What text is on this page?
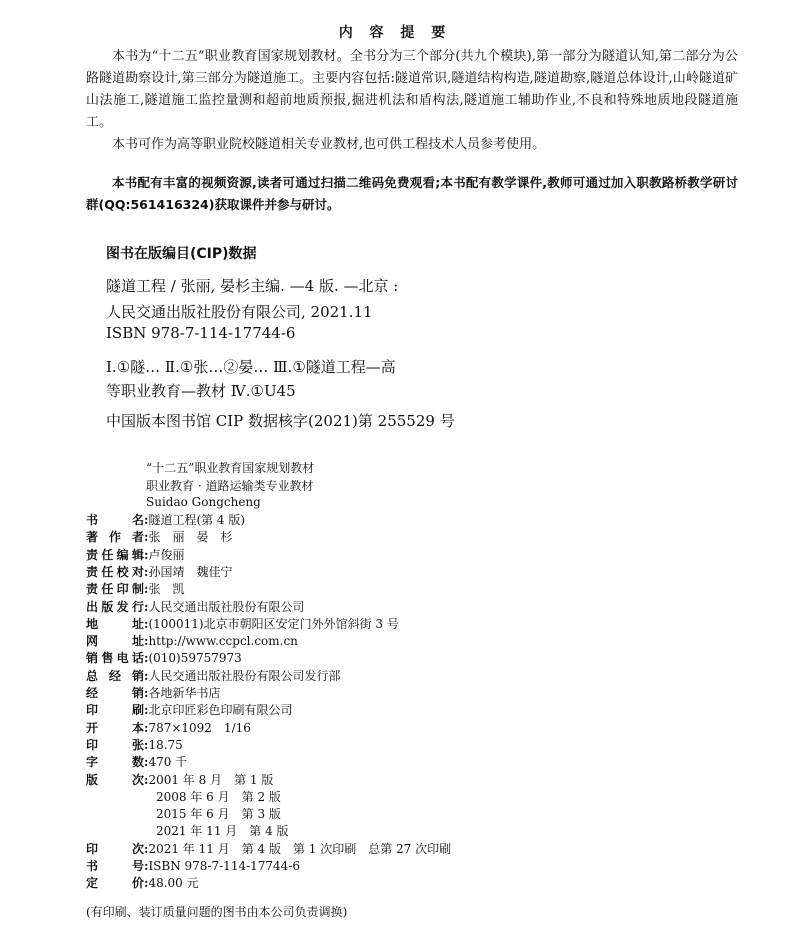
内 容 提 要
本书为“十二五”职业教育国家规划教材。全书分为三个部分(共九个模块),第一部分为隧道认知,第二部分为公路隧道勘察设计,第三部分为隧道施工。主要内容包括:隧道常识,隧道结构构造,隧道勘察,隧道总体设计,山岭隧道矿山法施工,隧道施工监控量测和超前地质预报,掘进机法和盾构法,隧道施工辅助作业,不良和特殊地质地段隧道施工。
本书可作为高等职业院校隧道相关专业教材,也可供工程技术人员参考使用。
本书配有丰富的视频资源,读者可通过扫描二维码免费观看;本书配有教学课件,教师可通过加入职教路桥教学研讨群(QQ:561416324)获取课件并参与研讨。
图书在版编目(CIP)数据
隧道工程 / 张丽, 晏杉主编. —4 版. —北京 :
人民交通出版社股份有限公司, 2021.11
ISBN 978-7-114-17744-6
Ⅰ.①隧… Ⅱ.①张…②晏… Ⅲ.①隧道工程—高
等职业教育—教材 Ⅳ.①U45
中国版本图书馆 CIP 数据核字(2021)第 255529 号
“十二五”职业教育国家规划教材
职业教育 · 道路运输类专业教材
Suidao Gongcheng
书名:隧道工程(第 4 版)
著作者:张　丽　晏　杉
责任编辑:卢俊丽
责任校对:孙国靖　魏佳宁
责任印制:张　凯
出版发行:人民交通出版社股份有限公司
地址:(100011)北京市朝阳区安定门外外馆斜街 3 号
网址:http://www.ccpcl.com.cn
销售电话:(010)59757973
总经销:人民交通出版社股份有限公司发行部
经销:各地新华书店
印刷:北京印匠彩色印刷有限公司
开本:787×1092　1/16
印张:18.75
字数:470 千
版次:2001 年 8 月　第 1 版
　2008 年 6 月　第 2 版
　2015 年 6 月　第 3 版
　2021 年 11 月　第 4 版
印次:2021 年 11 月　第 4 版　第 1 次印刷　总第 27 次印刷
书号:ISBN 978-7-114-17744-6
定价:48.00 元
(有印刷、装订质量问题的图书由本公司负责调换)
